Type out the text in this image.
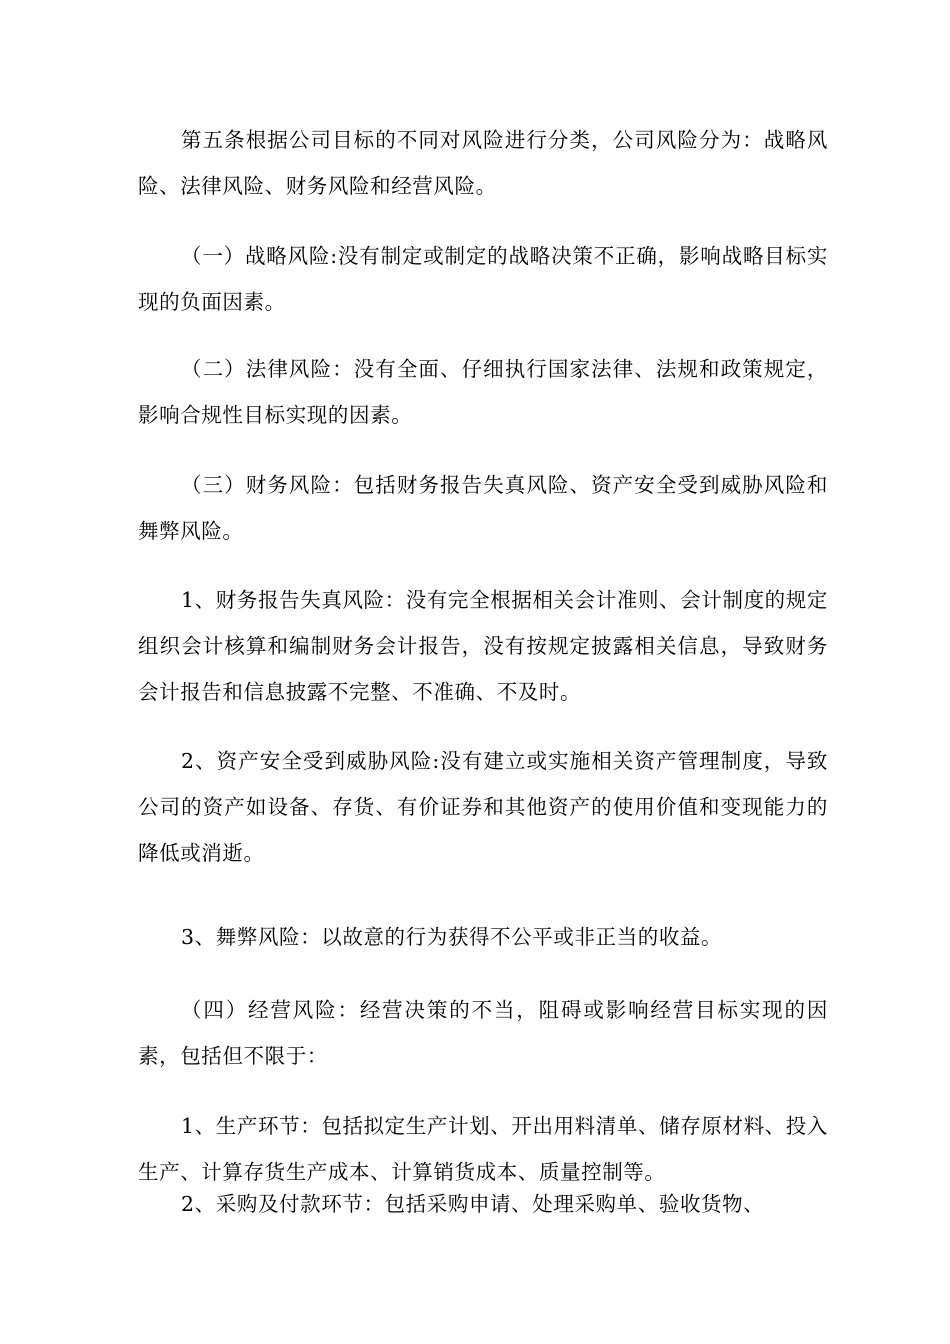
第五条根据公司目标的不同对风险进行分类，公司风险分为：战略风险、法律风险、财务风险和经营风险。

（一）战略风险:没有制定或制定的战略决策不正确，影响战略目标实现的负面因素。

（二）法律风险：没有全面、仔细执行国家法律、法规和政策规定，影响合规性目标实现的因素。

（三）财务风险：包括财务报告失真风险、资产安全受到威胁风险和舞弊风险。

1、财务报告失真风险：没有完全根据相关会计准则、会计制度的规定组织会计核算和编制财务会计报告，没有按规定披露相关信息，导致财务会计报告和信息披露不完整、不准确、不及时。

2、资产安全受到威胁风险:没有建立或实施相关资产管理制度，导致公司的资产如设备、存货、有价证券和其他资产的使用价值和变现能力的降低或消逝。

3、舞弊风险：以故意的行为获得不公平或非正当的收益。

（四）经营风险：经营决策的不当，阻碍或影响经营目标实现的因素，包括但不限于：

1、生产环节：包括拟定生产计划、开出用料清单、储存原材料、投入生产、计算存货生产成本、计算销货成本、质量控制等。

2、采购及付款环节：包括采购申请、处理采购单、验收货物、
